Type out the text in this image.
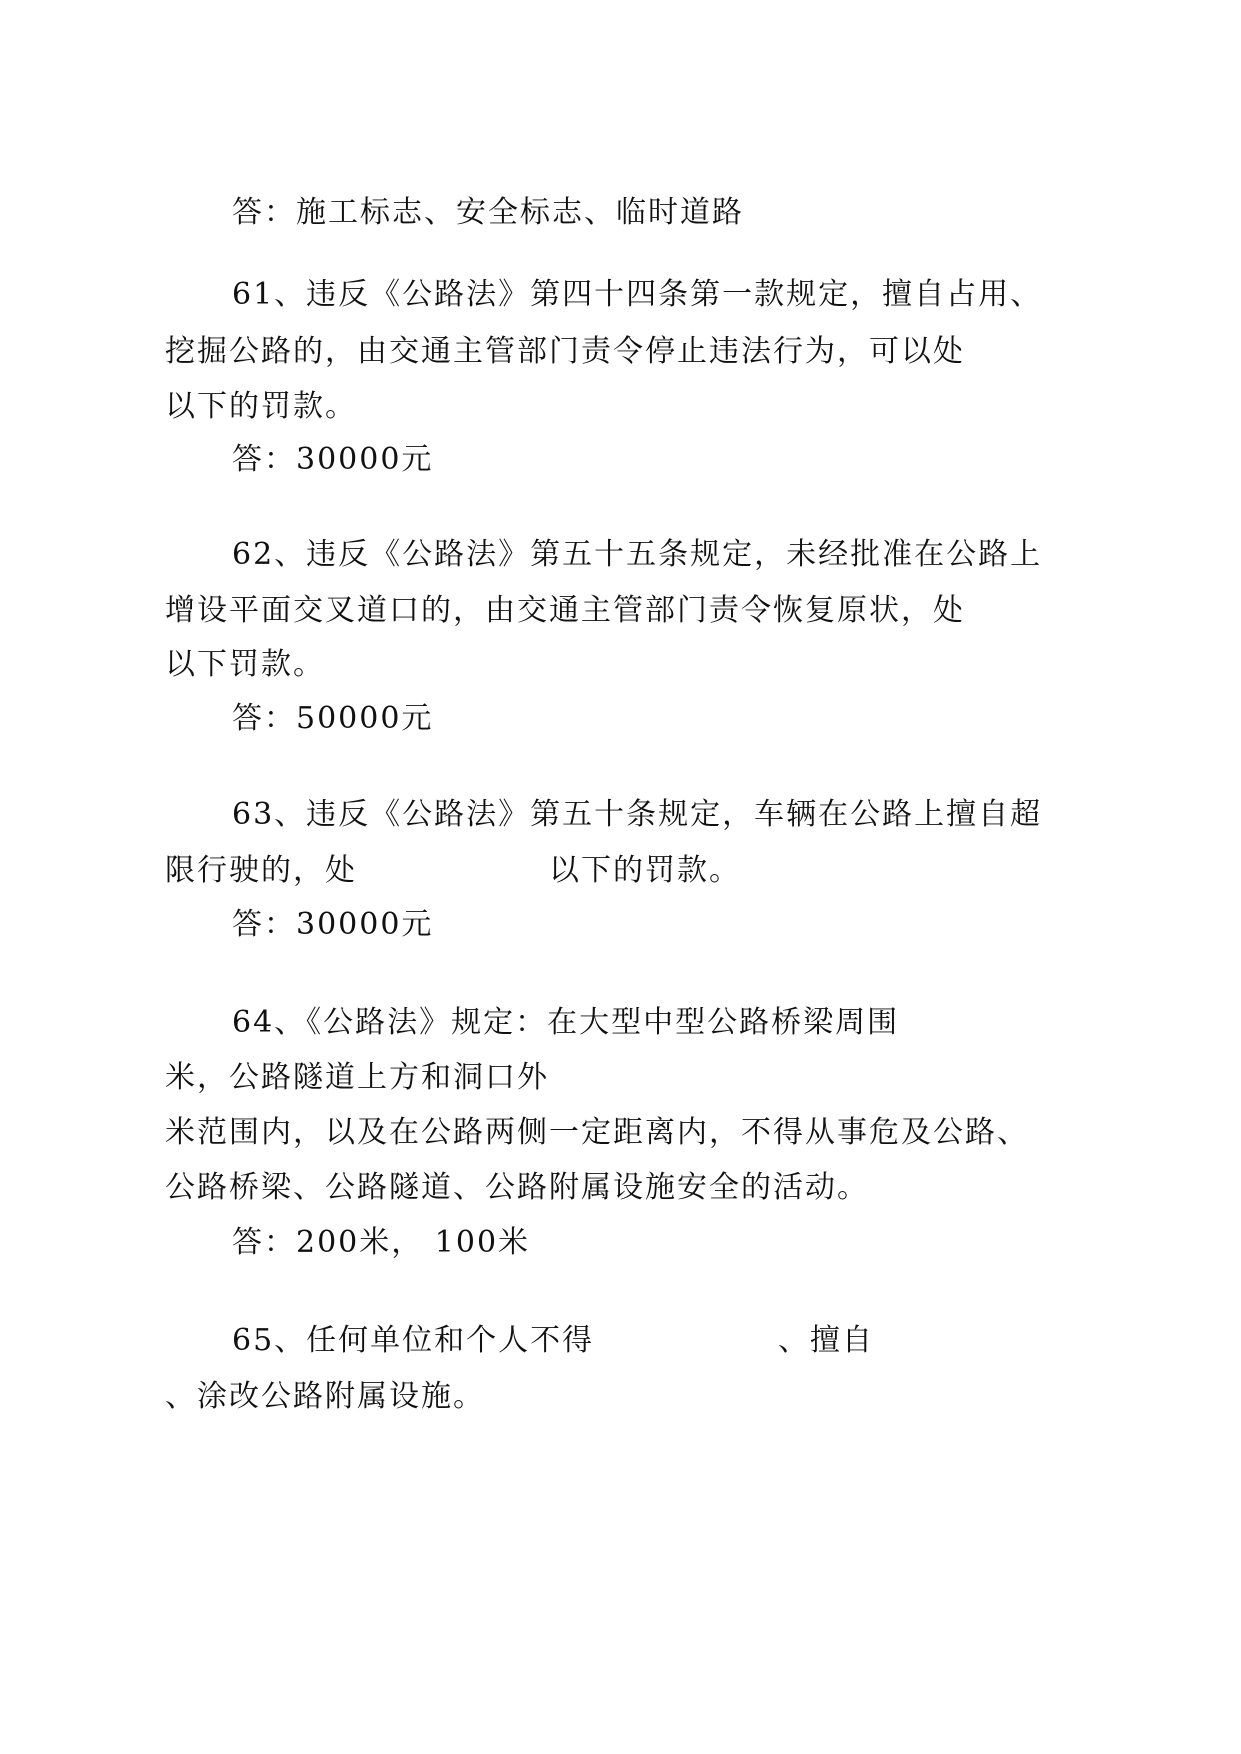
答：施工标志、安全标志、临时道路
61、违反《公路法》第四十四条第一款规定，擅自占用、
挖掘公路的，由交通主管部门责令停止违法行为，可以处
以下的罚款。
答：30000元
62、违反《公路法》第五十五条规定，未经批准在公路上
增设平面交叉道口的，由交通主管部门责令恢复原状，处
以下罚款。
答：50000元
63、违反《公路法》第五十条规定，车辆在公路上擅自超
限行驶的，处	以下的罚款。
答：30000元
64、《公路法》规定：在大型中型公路桥梁周围
米，公路隧道上方和洞口外
米范围内，以及在公路两侧一定距离内，不得从事危及公路、
公路桥梁、公路隧道、公路附属设施安全的活动。
答：200米， 100米
65、任何单位和个人不得	、擅自
、涂改公路附属设施。
